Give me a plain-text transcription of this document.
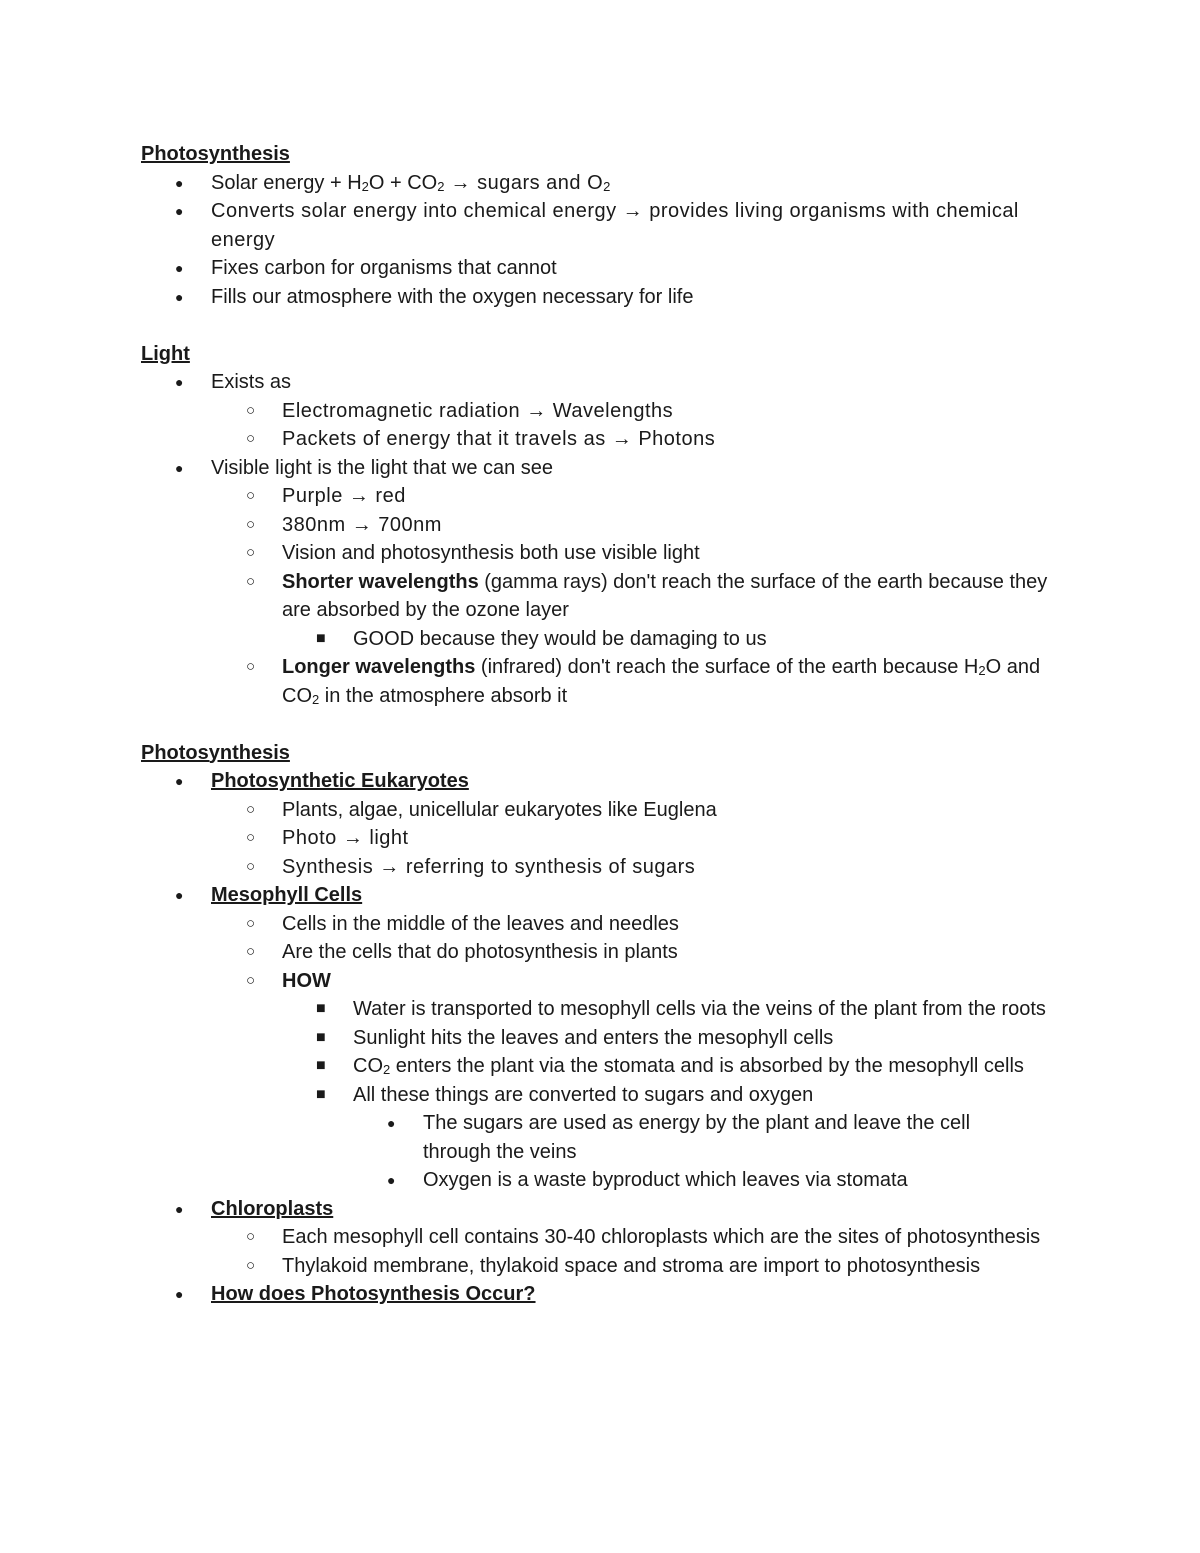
Photosynthesis
● Solar energy + $H_2O + CO_2$ → sugars and $O_2$
● Converts solar energy into chemical energy → provides living organisms with chemical energy
● Fixes carbon for organisms that cannot
● Fills our atmosphere with the oxygen necessary for life
Light
● Exists as
○ Electromagnetic radiation → Wavelengths
○ Packets of energy that it travels as → Photons
● Visible light is the light that we can see
○ Purple → red
○ 380nm → 700nm
○ Vision and photosynthesis both use visible light
○ Shorter wavelengths (gamma rays) don't reach the surface of the earth because they are absorbed by the ozone layer
■ GOOD because they would be damaging to us
○ Longer wavelengths (infrared) don't reach the surface of the earth because $H_2O$ and $CO_2$ in the atmosphere absorb it
Photosynthesis
● Photosynthetic Eukaryotes
○ Plants, algae, unicellular eukaryotes like Euglena
○ Photo → light
○ Synthesis → referring to synthesis of sugars
● Mesophyll Cells
○ Cells in the middle of the leaves and needles
○ Are the cells that do photosynthesis in plants
○ HOW
■ Water is transported to mesophyll cells via the veins of the plant from the roots
■ Sunlight hits the leaves and enters the mesophyll cells
■ $CO_2$ enters the plant via the stomata and is absorbed by the mesophyll cells
■ All these things are converted to sugars and oxygen
● The sugars are used as energy by the plant and leave the cell through the veins
● Oxygen is a waste byproduct which leaves via stomata
● Chloroplasts
○ Each mesophyll cell contains 30-40 chloroplasts which are the sites of photosynthesis
○ Thylakoid membrane, thylakoid space and stroma are import to photosynthesis
● How does Photosynthesis Occur?
